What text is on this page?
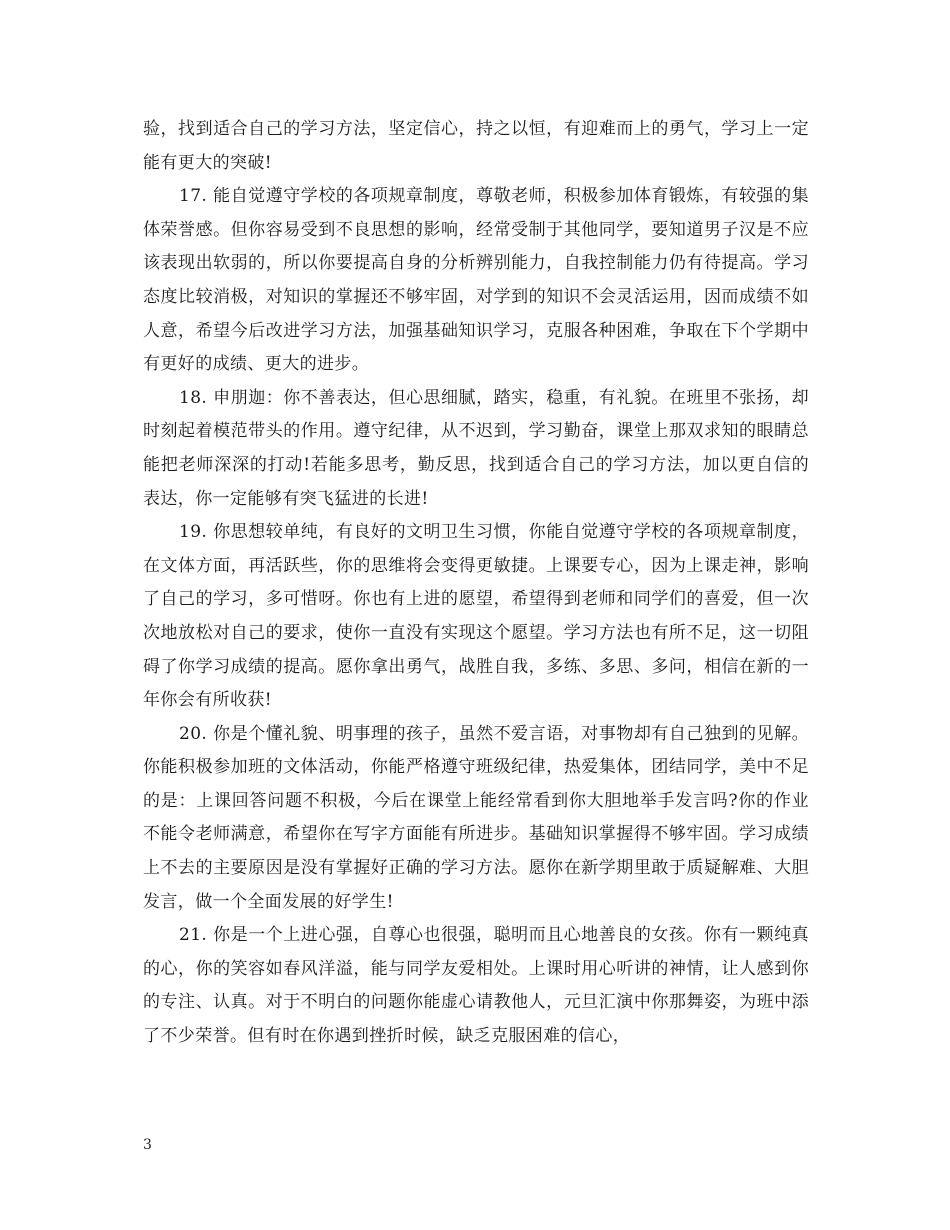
验，找到适合自己的学习方法，坚定信心，持之以恒，有迎难而上的勇气，学习上一定能有更大的突破!

17. 能自觉遵守学校的各项规章制度，尊敬老师，积极参加体育锻炼，有较强的集体荣誉感。但你容易受到不良思想的影响，经常受制于其他同学，要知道男子汉是不应该表现出软弱的，所以你要提高自身的分析辨别能力，自我控制能力仍有待提高。学习态度比较消极，对知识的掌握还不够牢固，对学到的知识不会灵活运用，因而成绩不如人意，希望今后改进学习方法，加强基础知识学习，克服各种困难，争取在下个学期中有更好的成绩、更大的进步。

18. 申朋迦：你不善表达，但心思细腻，踏实，稳重，有礼貌。在班里不张扬，却时刻起着模范带头的作用。遵守纪律，从不迟到，学习勤奋，课堂上那双求知的眼睛总能把老师深深的打动!若能多思考，勤反思，找到适合自己的学习方法，加以更自信的表达，你一定能够有突飞猛进的长进!

19. 你思想较单纯，有良好的文明卫生习惯，你能自觉遵守学校的各项规章制度，在文体方面，再活跃些，你的思维将会变得更敏捷。上课要专心，因为上课走神，影响了自己的学习，多可惜呀。你也有上进的愿望，希望得到老师和同学们的喜爱，但一次次地放松对自己的要求，使你一直没有实现这个愿望。学习方法也有所不足，这一切阻碍了你学习成绩的提高。愿你拿出勇气，战胜自我，多练、多思、多问，相信在新的一年你会有所收获!

20. 你是个懂礼貌、明事理的孩子，虽然不爱言语，对事物却有自己独到的见解。你能积极参加班的文体活动，你能严格遵守班级纪律，热爱集体，团结同学，美中不足的是：上课回答问题不积极，今后在课堂上能经常看到你大胆地举手发言吗?你的作业不能令老师满意，希望你在写字方面能有所进步。基础知识掌握得不够牢固。学习成绩上不去的主要原因是没有掌握好正确的学习方法。愿你在新学期里敢于质疑解难、大胆发言，做一个全面发展的好学生!

21. 你是一个上进心强，自尊心也很强，聪明而且心地善良的女孩。你有一颗纯真的心，你的笑容如春风洋溢，能与同学友爱相处。上课时用心听讲的神情，让人感到你的专注、认真。对于不明白的问题你能虚心请教他人，元旦汇演中你那舞姿，为班中添了不少荣誉。但有时在你遇到挫折时候，缺乏克服困难的信心，

3
